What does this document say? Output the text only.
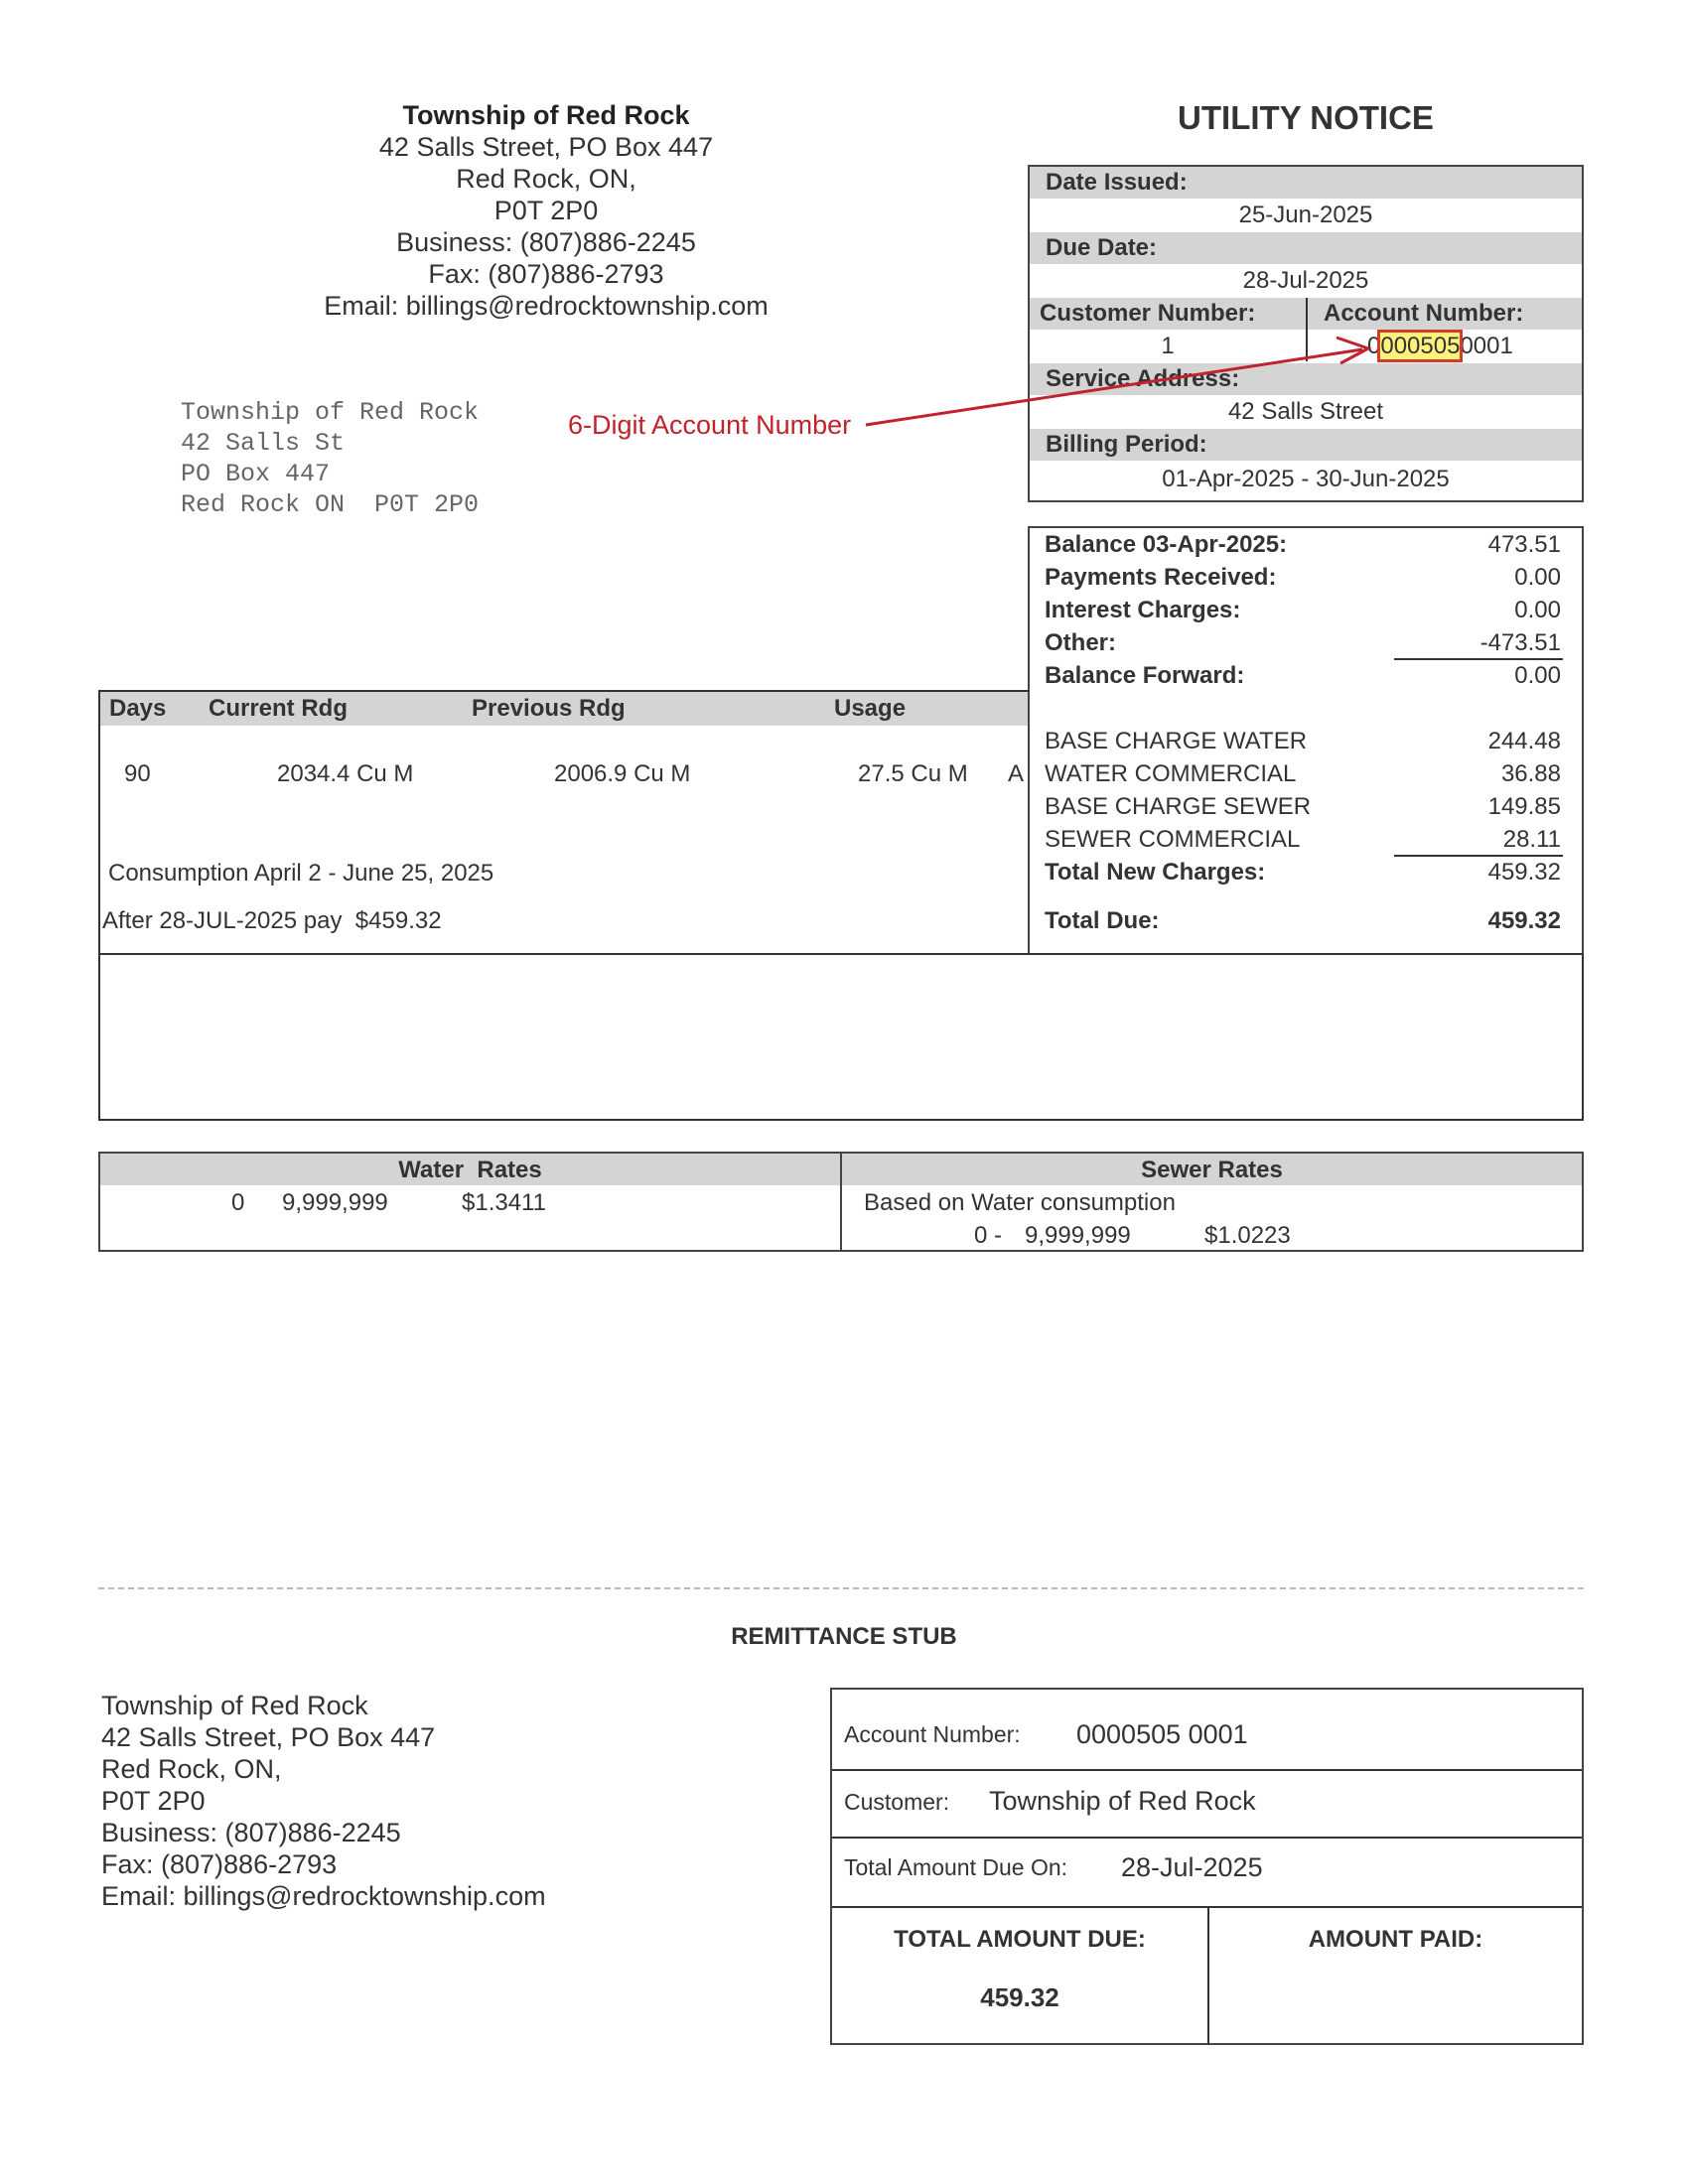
Township of Red Rock
42 Salls Street, PO Box 447
Red Rock, ON,
P0T 2P0
Business: (807)886-2245
Fax: (807)886-2793
Email: billings@redrocktownship.com
UTILITY NOTICE
Date Issued:
25-Jun-2025
Due Date:
28-Jul-2025
Customer Number:	Account Number:
1	00005050001
Service Address:
42 Salls Street
Billing Period:
01-Apr-2025 - 30-Jun-2025
Township of Red Rock
42 Salls St
PO Box 447
Red Rock ON  P0T 2P0
6-Digit Account Number
Balance 03-Apr-2025:	473.51
Payments Received:	0.00
Interest Charges:	0.00
Other:	-473.51
Balance Forward:	0.00
BASE CHARGE WATER	244.48
WATER COMMERCIAL	36.88
BASE CHARGE SEWER	149.85
SEWER COMMERCIAL	28.11
Total New Charges:	459.32
Total Due:	459.32
Days Current Rdg	Previous Rdg	Usage
90	2034.4 Cu M	2006.9 Cu M	27.5 Cu M A
Consumption April 2 - June 25, 2025
After 28-JUL-2025 pay  $459.32
Water  Rates
0 9,999,999	$1.3411
Sewer Rates
Based on Water consumption
0 - 9,999,999	$1.0223
REMITTANCE STUB
Township of Red Rock
42 Salls Street, PO Box 447
Red Rock, ON,
P0T 2P0
Business: (807)886-2245
Fax: (807)886-2793
Email: billings@redrocktownship.com
Account Number: 0000505 0001
Customer: Township of Red Rock
Total Amount Due On: 28-Jul-2025
TOTAL AMOUNT DUE:
459.32
AMOUNT PAID:
